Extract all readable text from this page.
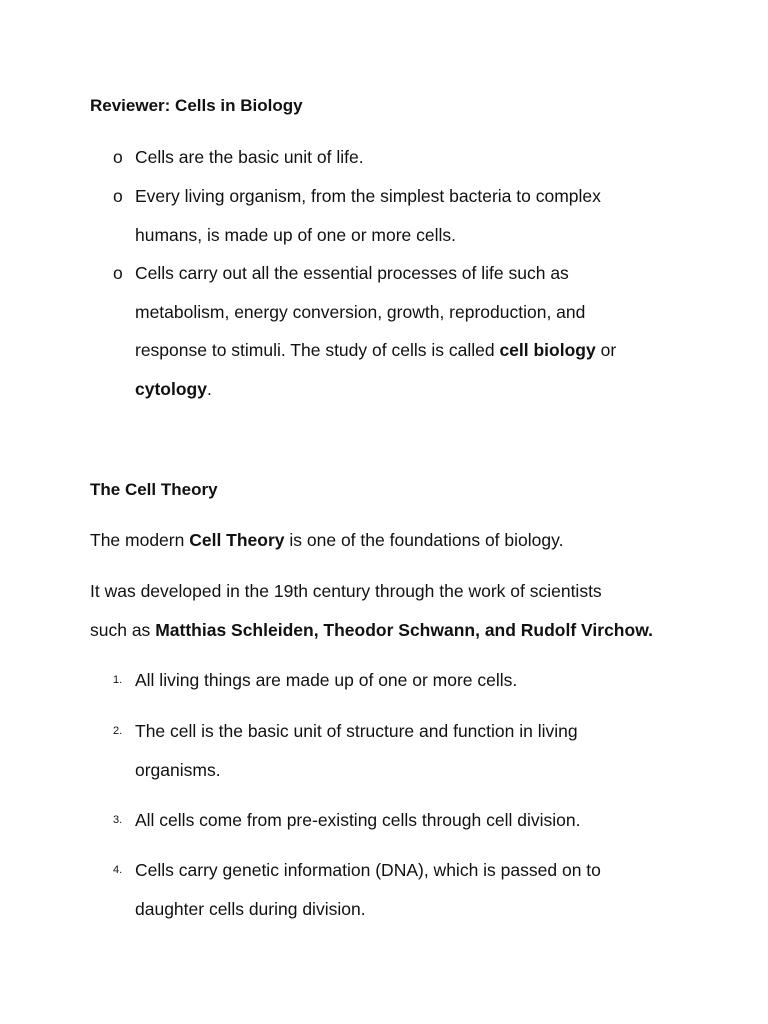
Reviewer: Cells in Biology

o Cells are the basic unit of life.
o Every living organism, from the simplest bacteria to complex
humans, is made up of one or more cells.
o Cells carry out all the essential processes of life such as
metabolism, energy conversion, growth, reproduction, and
response to stimuli. The study of cells is called cell biology or
cytology.

The Cell Theory

The modern Cell Theory is one of the foundations of biology.

It was developed in the 19th century through the work of scientists
such as Matthias Schleiden, Theodor Schwann, and Rudolf Virchow.

1. All living things are made up of one or more cells.
2. The cell is the basic unit of structure and function in living
organisms.
3. All cells come from pre-existing cells through cell division.
4. Cells carry genetic information (DNA), which is passed on to
daughter cells during division.
